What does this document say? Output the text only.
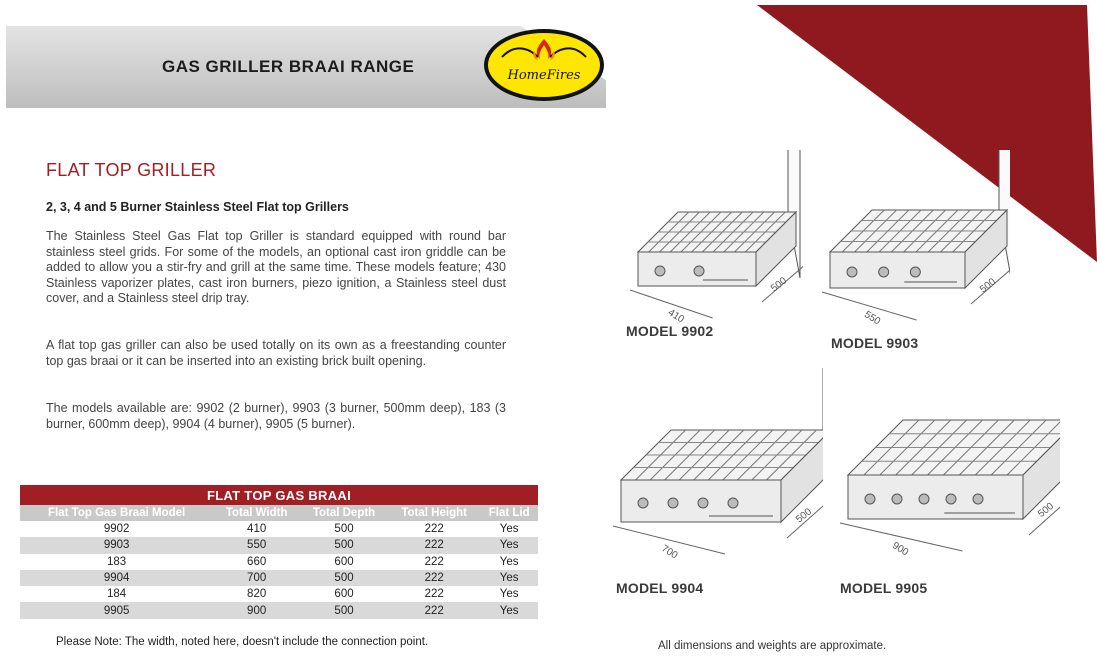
GAS GRILLER BRAAI RANGE	HomeFires
FLAT TOP GRILLER
2, 3, 4 and 5 Burner Stainless Steel Flat top Grillers

The Stainless Steel Gas Flat top Griller is standard equipped with round bar stainless steel grids. For some of the models, an optional cast iron griddle can be added to allow you a stir-fry and grill at the same time. These models feature; 430 Stainless vaporizer plates, cast iron burners, piezo ignition, a Stainless steel dust cover, and a Stainless steel drip tray.

A flat top gas griller can also be used totally on its own as a freestanding counter top gas braai or it can be inserted into an existing brick built opening.

The models available are: 9902 (2 burner), 9903 (3 burner, 500mm deep), 183 (3 burner, 600mm deep), 9904 (4 burner), 9905 (5 burner).

FLAT TOP GAS BRAAI				
Flat Top Gas Braai Model	Total Width	Total Depth	Total Height	Flat Lid
9902	410	500	222	Yes
9903	550	500	222	Yes
183	660	600	222	Yes
9904	700	500	222	Yes
184	820	600	222	Yes
9905	900	500	222	Yes
Please Note: The width, noted here, doesn't include the connection point.	All dimensions and weights are approximate.
410
500
550
500
700
500
900
500
MODEL 9902
MODEL 9903
MODEL 9904	MODEL 9905
